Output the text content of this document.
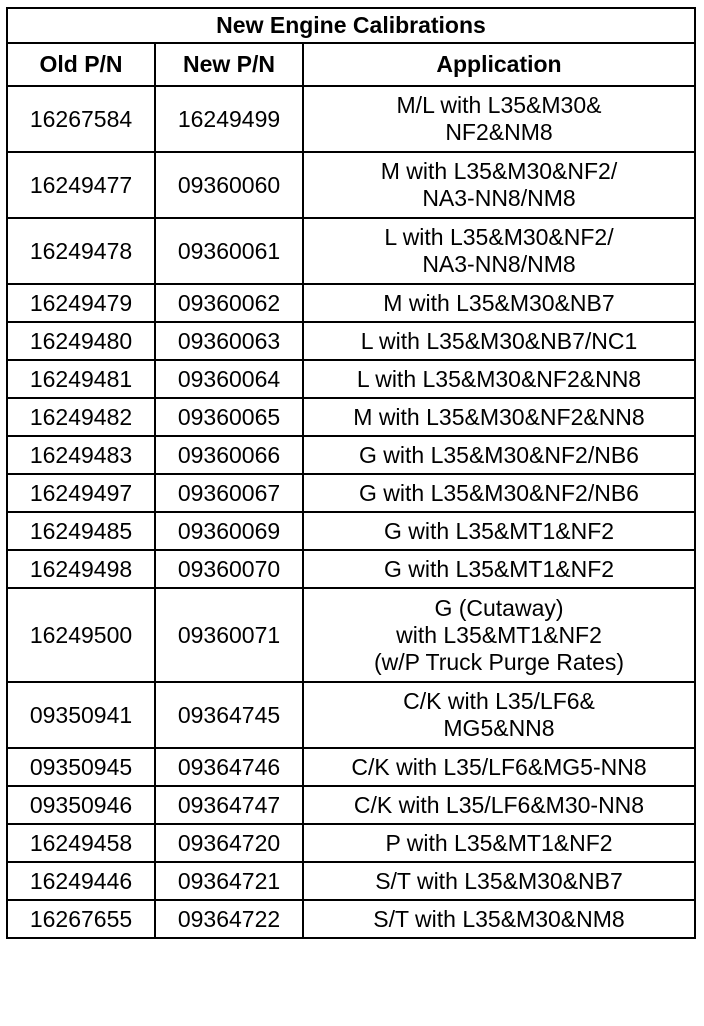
New Engine Calibrations		
Old P/N	New P/N	Application
16267584	16249499	M/L with L35&M30&
NF2&NM8

16249477	09360060	M with L35&M30&NF2/
NA3-NN8/NM8

16249478	09360061	L with L35&M30&NF2/
NA3-NN8/NM8

16249479	09360062	M with L35&M30&NB7

16249480	09360063	L with L35&M30&NB7/NC1

16249481	09360064	L with L35&M30&NF2&NN8

16249482	09360065	M with L35&M30&NF2&NN8

16249483	09360066	G with L35&M30&NF2/NB6

16249497	09360067	G with L35&M30&NF2/NB6

16249485	09360069	G with L35&MT1&NF2

16249498	09360070	G with L35&MT1&NF2

16249500	09360071	G (Cutaway)
with L35&MT1&NF2
(w/P Truck Purge Rates)

09350941	09364745	C/K with L35/LF6&
MG5&NN8

09350945	09364746	C/K with L35/LF6&MG5-NN8

09350946	09364747	C/K with L35/LF6&M30-NN8

16249458	09364720	P with L35&MT1&NF2

16249446	09364721	S/T with L35&M30&NB7

16267655	09364722	S/T with L35&M30&NM8
